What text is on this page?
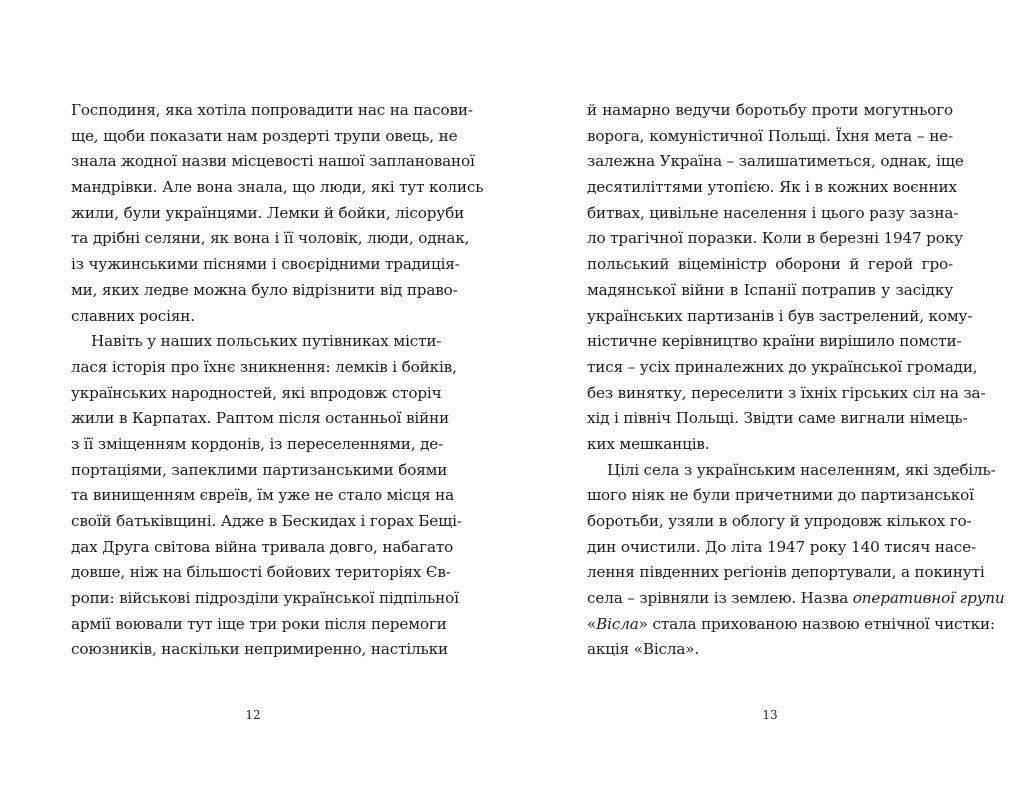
Господиня, яка хотіла попровадити нас на пасови-
ще, щоби показати нам роздерті трупи овець, не
знала жодної назви місцевості нашої запланованої
мандрівки. Але вона знала, що люди, які тут колись
жили, були українцями. Лемки й бойки, лісоруби
та дрібні селяни, як вона і її чоловік, люди, однак,
із чужинськими піснями і своєрідними традиція-
ми, яких ледве можна було відрізнити від право-
славних росіян.
Навіть у наших польських путівниках місти-
лася історія про їхнє зникнення: лемків і бойків,
українських народностей, які впродовж сторіч
жили в Карпатах. Раптом після останньої війни
з її зміщенням кордонів, із переселеннями, де-
портаціями, запеклими партизанськими боями
та винищенням євреїв, їм уже не стало місця на
своїй батьківщині. Адже в Бескидах і горах Бещі-
дах Друга світова війна тривала довго, набагато
довше, ніж на більшості бойових територіях Єв-
ропи: військові підрозділи української підпільної
армії воювали тут іще три роки після перемоги
союзників, наскільки непримиренно, настільки
й намарно ведучи боротьбу проти могутнього
ворога, комуністичної Польщі. Їхня мета – не-
залежна Україна – залишатиметься, однак, іще
десятиліттями утопією. Як і в кожних воєнних
битвах, цивільне населення і цього разу зазна-
ло трагічної поразки. Коли в березні 1947 року
польський віцеміністр оборони й герой гро-
мадянської війни в Іспанії потрапив у засідку
українських партизанів і був застрелений, кому-
ністичне керівництво країни вирішило помсти-
тися – усіх приналежних до української громади,
без винятку, переселити з їхніх гірських сіл на за-
хід і північ Польщі. Звідти саме вигнали німець-
ких мешканців.
Цілі села з українським населенням, які здебіль-
шого ніяк не були причетними до партизанської
боротьби, узяли в облогу й упродовж кількох го-
дин очистили. До літа 1947 року 140 тисяч насе-
лення південних регіонів депортували, а покинуті
села – зрівняли із землею. Назва оперативної групи
«Вісла» стала прихованою назвою етнічної чистки:
акція «Вісла».
12	13
